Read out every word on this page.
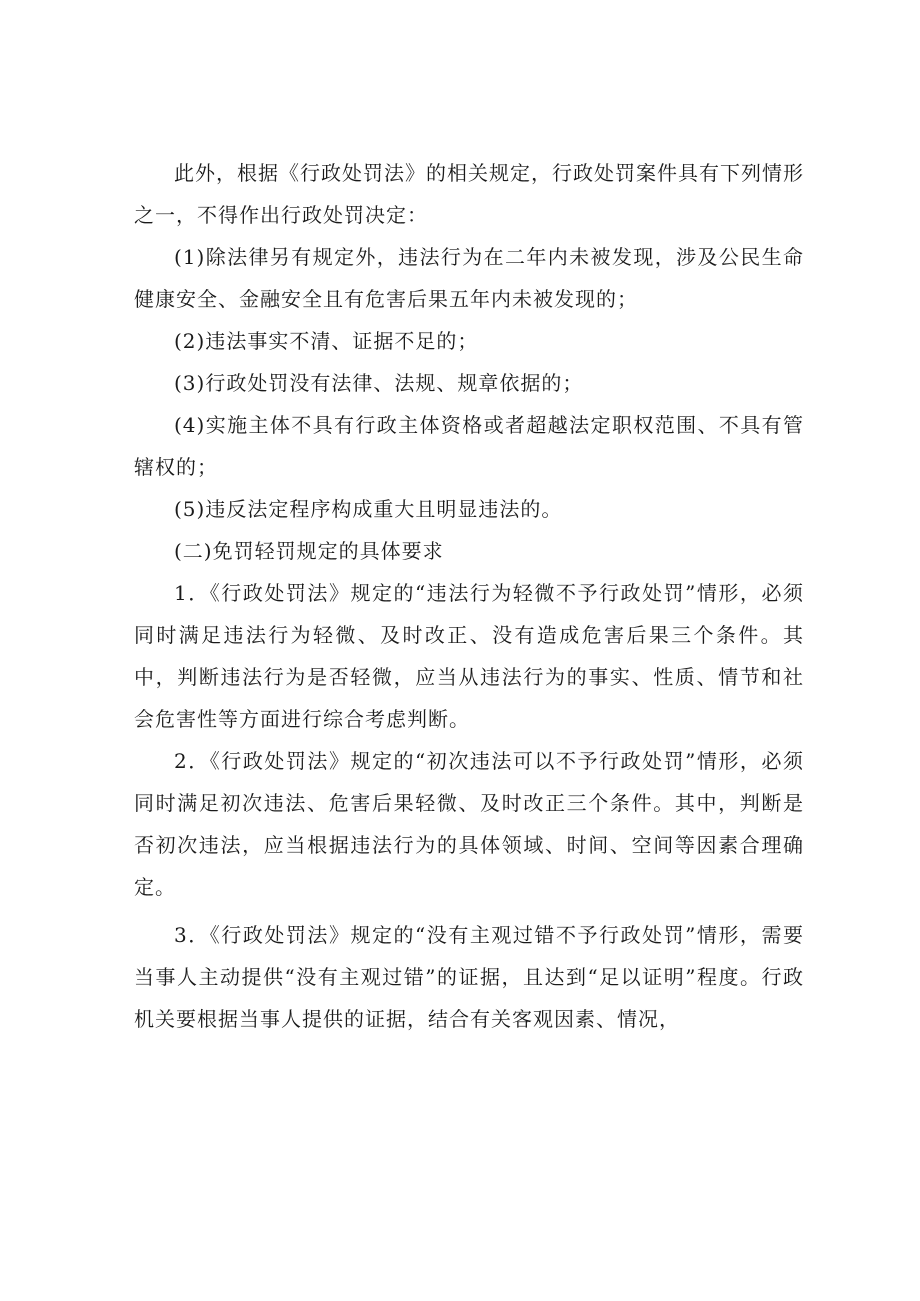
此外，根据《行政处罚法》的相关规定，行政处罚案件具有下列情形之一，不得作出行政处罚决定：

(1)除法律另有规定外，违法行为在二年内未被发现，涉及公民生命健康安全、金融安全且有危害后果五年内未被发现的；

(2)违法事实不清、证据不足的；

(3)行政处罚没有法律、法规、规章依据的；

(4)实施主体不具有行政主体资格或者超越法定职权范围、不具有管辖权的；

(5)违反法定程序构成重大且明显违法的。

(二)免罚轻罚规定的具体要求

1．《行政处罚法》规定的“违法行为轻微不予行政处罚”情形，必须同时满足违法行为轻微、及时改正、没有造成危害后果三个条件。其中，判断违法行为是否轻微，应当从违法行为的事实、性质、情节和社会危害性等方面进行综合考虑判断。

2．《行政处罚法》规定的“初次违法可以不予行政处罚”情形，必须同时满足初次违法、危害后果轻微、及时改正三个条件。其中，判断是否初次违法，应当根据违法行为的具体领域、时间、空间等因素合理确定。

3．《行政处罚法》规定的“没有主观过错不予行政处罚”情形，需要当事人主动提供“没有主观过错”的证据，且达到“足以证明”程度。行政机关要根据当事人提供的证据，结合有关客观因素、情况，
